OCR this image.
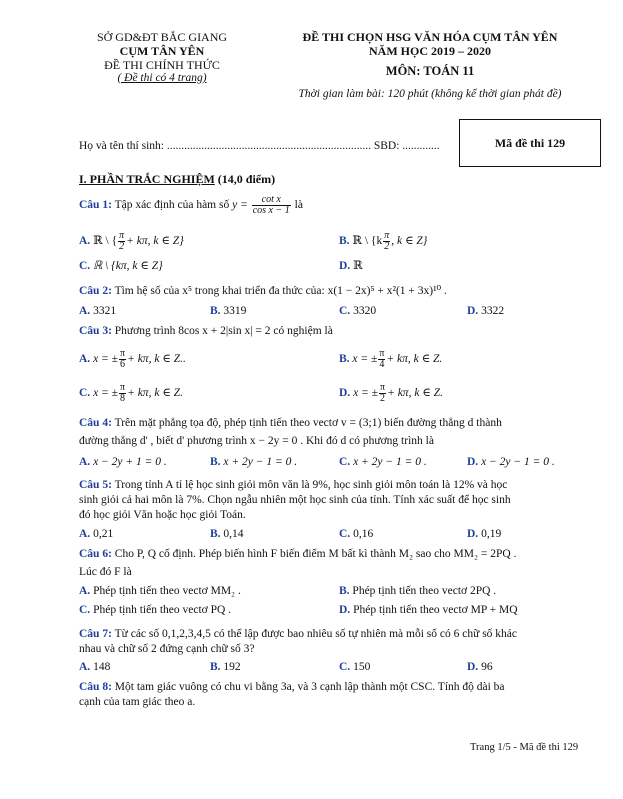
SỞ GD&ĐT BẮC GIANG
CỤM TÂN YÊN
ĐỀ THI CHÍNH THỨC
( Đề thi có 4 trang)
ĐỀ THI CHỌN HSG VĂN HÓA CỤM TÂN YÊN
NĂM HỌC 2019 – 2020
MÔN: TOÁN 11
Thời gian làm bài: 120 phút (không kể thời gian phát đề)
Họ và tên thí sinh: ....................................................................... SBD: .............	Mã đề thi 129
I. PHẦN TRẮC NGHIỆM (14,0 điểm)
Câu 1: Tập xác định của hàm số $y = \frac{\text{cot x}}{\text{cos x − 1}}$ là
A. ℝ \ { $\frac{\pi}{2} + k\pi$, k ∈ Z}	B. ℝ \ {$k \frac{\pi}{2}$ , k ∈ Z}
C. ℝ \ {kπ, k ∈ Z}	D. ℝ
Câu 2: Tìm hệ số của x⁵ trong khai triển đa thức của: x(1 − 2x)⁵ + x²(1 + 3x)¹⁰ .
A. 3321	B. 3319	C. 3320	D. 3322
Câu 3: Phương trình 8cos x + 2|sin x| = 2 có nghiệm là
A. x = ± $\frac{\pi}{6} + k\pi$, k ∈ Z..	B. x = ± $\frac{\pi}{4} + k\pi$, k ∈ Z.
C. x = ± $\frac{\pi}{8} + k\pi$, k ∈ Z.	D. x = ± $\frac{\pi}{2} + k\pi$, k ∈ Z.
Câu 4: Trên mặt phẳng tọa độ, phép tịnh tiến theo vectơ v = (3;1) biến đường thẳng d thành
đường thẳng d' , biết d' phương trình x − 2y = 0 . Khi đó d có phương trình là
A. x − 2y + 1 = 0 .	B. x + 2y − 1 = 0 .	C. x + 2y − 1 = 0 .	D. x − 2y − 1 = 0 .
Câu 5: Trong tỉnh A tỉ lệ học sinh giỏi môn văn là 9%, học sinh giỏi môn toán là 12% và học
sinh giỏi cả hai môn là 7%. Chọn ngẫu nhiên một học sinh của tỉnh. Tính xác suất để học sinh
đó học giỏi Văn hoặc học giỏi Toán.
A. 0,21	B. 0,14	C. 0,16	D. 0,19
Câu 6: Cho P, Q cố định. Phép biến hình F biến điểm M bất kì thành M₂ sao cho MM₂ = 2PQ .
Lúc đó F là
A. Phép tịnh tiến theo vectơ MM₂ .	B. Phép tịnh tiến theo vectơ 2PQ .
C. Phép tịnh tiến theo vectơ PQ .	D. Phép tịnh tiến theo vectơ MP + MQ
Câu 7: Từ các số 0,1,2,3,4,5 có thể lập được bao nhiêu số tự nhiên mà mỗi số có 6 chữ số khác
nhau và chữ số 2 đứng cạnh chữ số 3?
A. 148	B. 192	C. 150	D. 96
Câu 8: Một tam giác vuông có chu vi bằng 3a, và 3 cạnh lập thành một CSC. Tính độ dài ba
cạnh của tam giác theo a.
Trang 1/5 - Mã đề thi 129
